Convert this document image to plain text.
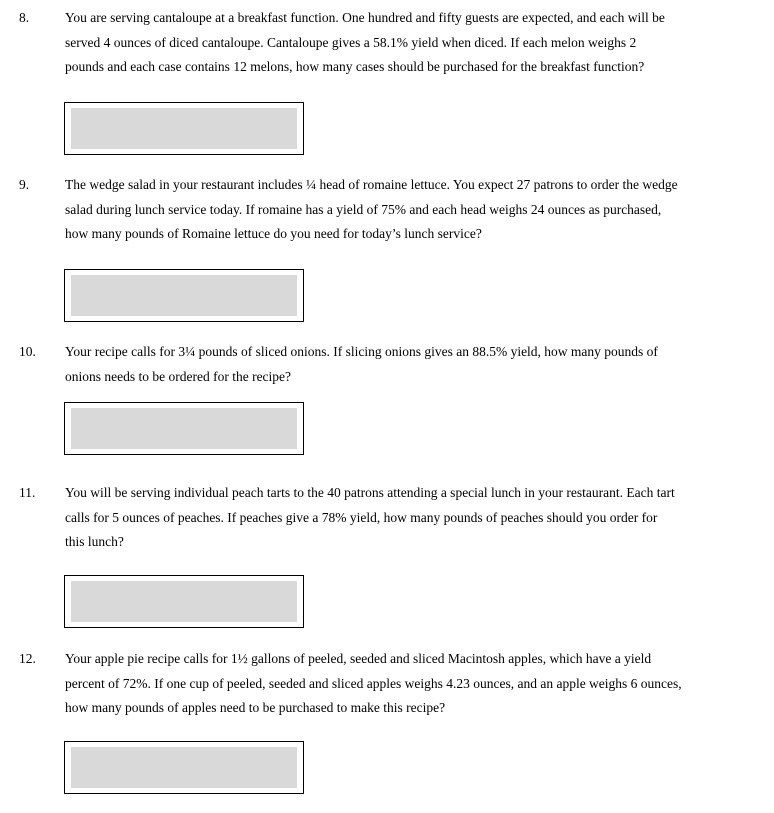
8.	You are serving cantaloupe at a breakfast function. One hundred and fifty guests are expected, and each will be
served 4 ounces of diced cantaloupe. Cantaloupe gives a 58.1% yield when diced. If each melon weighs 2
pounds and each case contains 12 melons, how many cases should be purchased for the breakfast function?
9.	The wedge salad in your restaurant includes ¼ head of romaine lettuce. You expect 27 patrons to order the wedge
salad during lunch service today. If romaine has a yield of 75% and each head weighs 24 ounces as purchased,
how many pounds of Romaine lettuce do you need for today’s lunch service?
10. Your recipe calls for 3¼ pounds of sliced onions. If slicing onions gives an 88.5% yield, how many pounds of
onions needs to be ordered for the recipe?
11. You will be serving individual peach tarts to the 40 patrons attending a special lunch in your restaurant. Each tart
calls for 5 ounces of peaches. If peaches give a 78% yield, how many pounds of peaches should you order for
this lunch?
12. Your apple pie recipe calls for 1½ gallons of peeled, seeded and sliced Macintosh apples, which have a yield
percent of 72%. If one cup of peeled, seeded and sliced apples weighs 4.23 ounces, and an apple weighs 6 ounces,
how many pounds of apples need to be purchased to make this recipe?
